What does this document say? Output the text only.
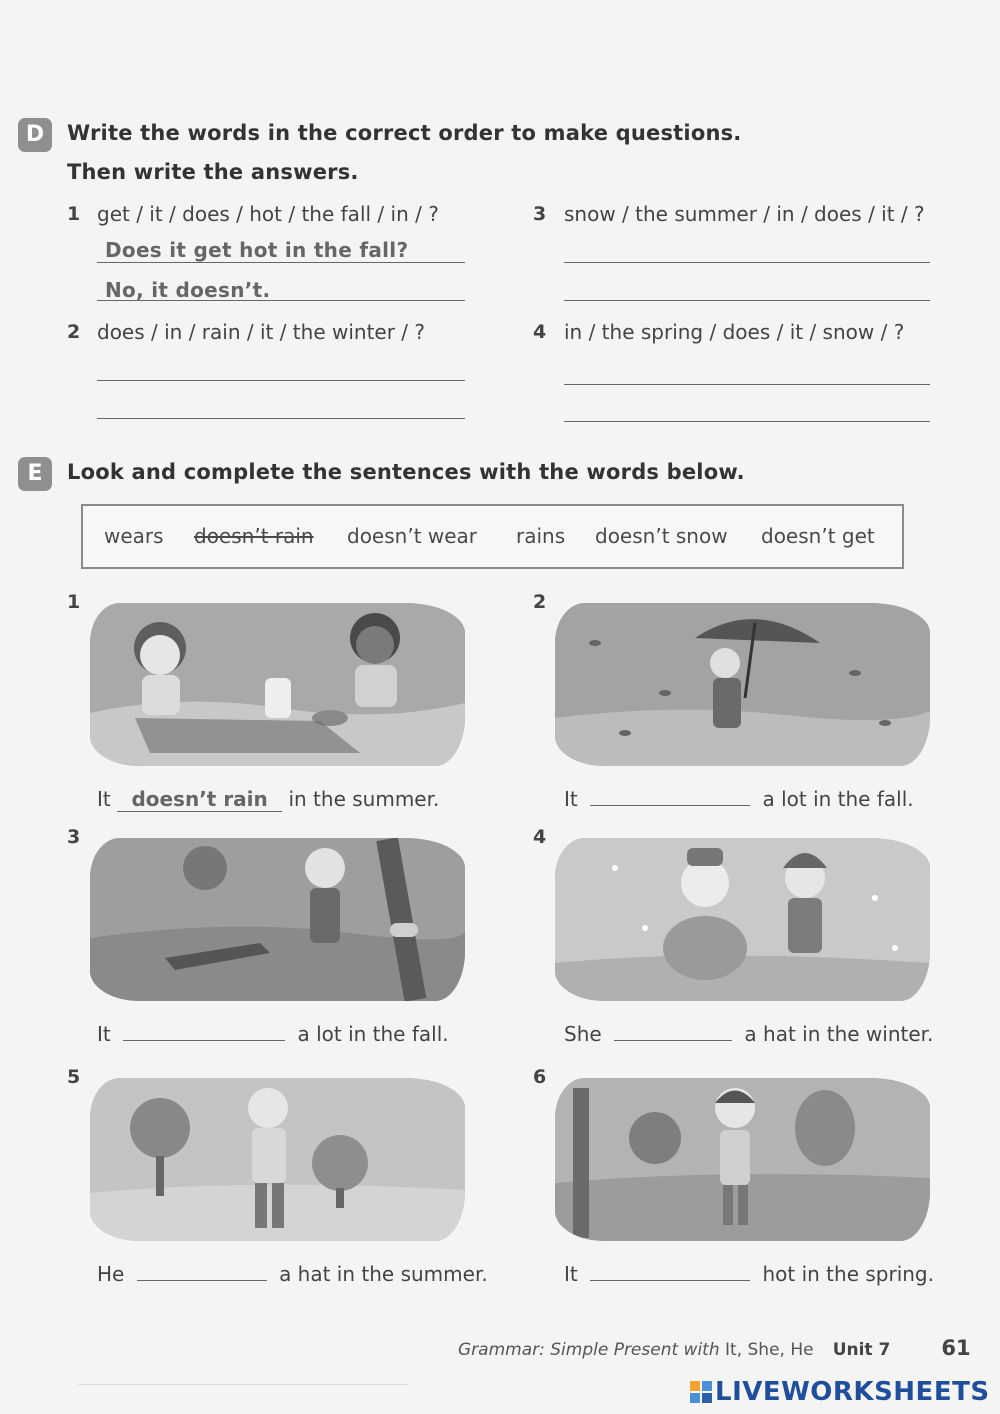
D	Write the words in the correct order to make questions.
Then write the answers.
1 get / it / does / hot / the fall / in / ?
Does it get hot in the fall?
No, it doesn’t.
2 does / in / rain / it / the winter / ?
3 snow / the summer / in / does / it / ?
4 in / the spring / does / it / snow / ?
E	Look and complete the sentences with the words below.
wears doesn’t rain doesn’t wear rains doesn’t snow doesn’t get
1
It doesn’t rain in the summer.
2
It	a lot in the fall.
3
It	a lot in the fall.
4
She	a hat in the winter.
5
He	a hat in the summer.
6
It	hot in the spring.
Grammar: Simple Present with It, She, He Unit 7 61
LIVEWORKSHEETS
